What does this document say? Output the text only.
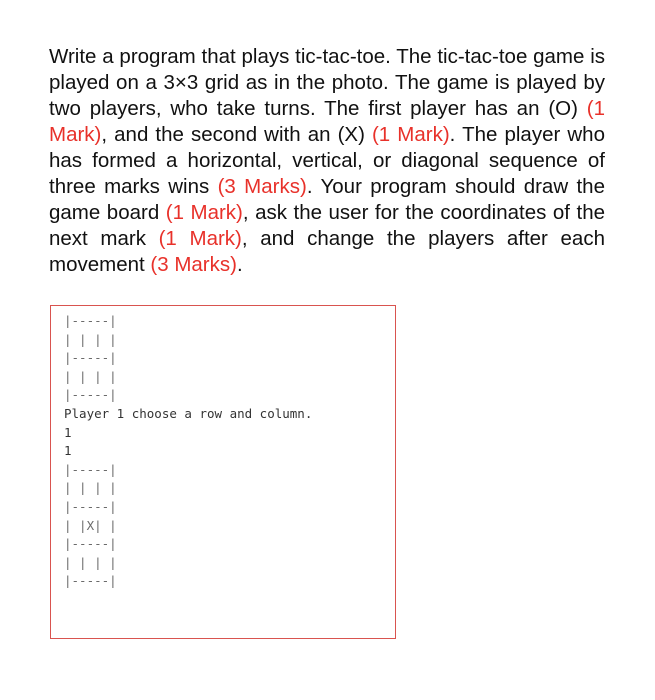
Write a program that plays tic-tac-toe. The tic-tac-toe game is played on a 3×3 grid as in the photo. The game is played by two players, who take turns. The first player has an (O) (1 Mark), and the second with an (X) (1 Mark). The player who has formed a horizontal, vertical, or diagonal sequence of three marks wins (3 Marks). Your program should draw the game board (1 Mark), ask the user for the coordinates of the next mark (1 Mark), and change the players after each movement (3 Marks).

|-----|
| | | |
|-----|
| | | |
|-----|
Player 1 choose a row and column.
1
1
|-----|
| | | |
|-----|
| |X| |
|-----|
| | | |
|-----|
